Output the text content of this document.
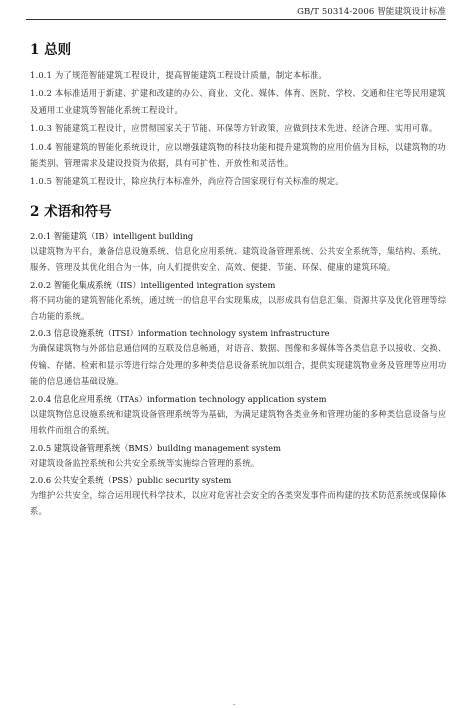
GB/T 50314-2006 智能建筑设计标准
1 总则

1.0.1 为了规范智能建筑工程设计，提高智能建筑工程设计质量，制定本标准。

1.0.2 本标准适用于新建、扩建和改建的办公、商业、文化、媒体、体育、医院、学校、交通和住宅等民用建筑及通用工业建筑等智能化系统工程设计。

1.0.3 智能建筑工程设计，应贯彻国家关于节能、环保等方针政策，应做到技术先进、经济合理、实用可靠。

1.0.4 智能建筑的智能化系统设计，应以增强建筑物的科技功能和提升建筑物的应用价值为目标，以建筑物的功能类别、管理需求及建设投资为依据，具有可扩性、开放性和灵活性。

1.0.5 智能建筑工程设计，除应执行本标准外，尚应符合国家现行有关标准的规定。

2 术语和符号

2.0.1 智能建筑（IB）intelligent building

以建筑物为平台，兼备信息设施系统、信息化应用系统、建筑设备管理系统、公共安全系统等，集结构、系统、服务、管理及其优化组合为一体，向人们提供安全、高效、便捷、节能、环保、健康的建筑环境。

2.0.2 智能化集成系统（IIS）intelligented integration system

将不同功能的建筑智能化系统，通过统一的信息平台实现集成，以形成具有信息汇集、资源共享及优化管理等综合功能的系统。

2.0.3 信息设施系统（ITSI）information technology system infrastructure

为确保建筑物与外部信息通信网的互联及信息畅通，对语音、数据、图像和多媒体等各类信息予以接收、交换、传输、存储、检索和显示等进行综合处理的多种类信息设备系统加以组合，提供实现建筑物业务及管理等应用功能的信息通信基础设施。

2.0.4 信息化应用系统（ITAs）information technology application system

以建筑物信息设施系统和建筑设备管理系统等为基础，为满足建筑物各类业务和管理功能的多种类信息设备与应用软件而组合的系统。

2.0.5 建筑设备管理系统（BMS）building management system

对建筑设备监控系统和公共安全系统等实施综合管理的系统。

2.0.6 公共安全系统（PSS）public security system

为维护公共安全，综合运用现代科学技术，以应对危害社会安全的各类突发事件而构建的技术防范系统或保障体系。

.
